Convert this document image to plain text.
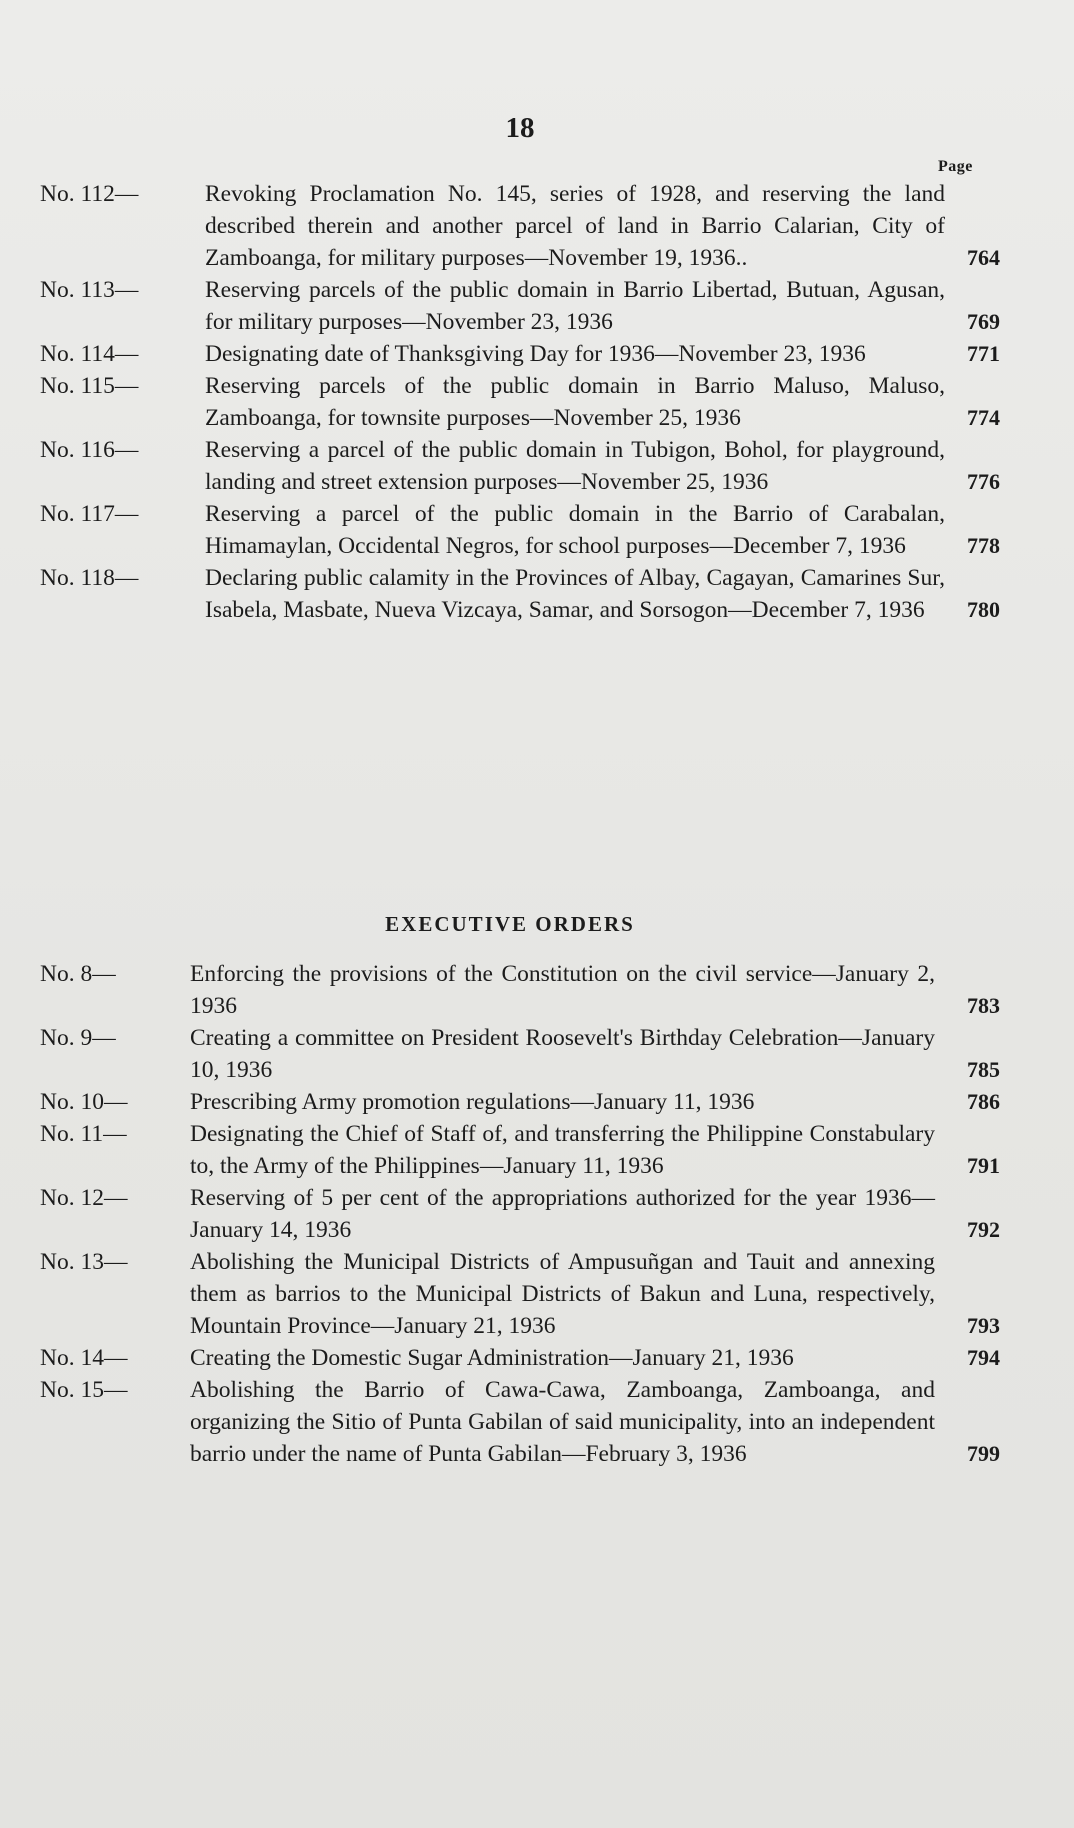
18
Page
No. 112—	Revoking Proclamation No. 145, series of 1928, and reserving the land described therein and another parcel of land in Barrio Calarian, City of Zamboanga, for military purposes—November 19, 1936..	764
No. 113—	Reserving parcels of the public domain in Barrio Libertad, Butuan, Agusan, for military purposes—November 23, 1936	769
No. 114—	Designating date of Thanksgiving Day for 1936—November 23, 1936	771
No. 115—	Reserving parcels of the public domain in Barrio Maluso, Maluso, Zamboanga, for townsite purposes—November 25, 1936	774
No. 116—	Reserving a parcel of the public domain in Tubigon, Bohol, for playground, landing and street extension purposes—November 25, 1936	776
No. 117—	Reserving a parcel of the public domain in the Barrio of Carabalan, Himamaylan, Occidental Negros, for school purposes—December 7, 1936	778
No. 118—	Declaring public calamity in the Provinces of Albay, Cagayan, Camarines Sur, Isabela, Masbate, Nueva Vizcaya, Samar, and Sorsogon—December 7, 1936	780
EXECUTIVE ORDERS
No. 8—	Enforcing the provisions of the Constitution on the civil service—January 2, 1936	783
No. 9—	Creating a committee on President Roosevelt's Birthday Celebration—January 10, 1936	785
No. 10—	Prescribing Army promotion regulations—January 11, 1936	786
No. 11—	Designating the Chief of Staff of, and transferring the Philippine Constabulary to, the Army of the Philippines—January 11, 1936	791
No. 12—	Reserving of 5 per cent of the appropriations authorized for the year 1936—January 14, 1936	792
No. 13—	Abolishing the Municipal Districts of Ampusuñgan and Tauit and annexing them as barrios to the Municipal Districts of Bakun and Luna, respectively, Mountain Province—January 21, 1936	793
No. 14—	Creating the Domestic Sugar Administration—January 21, 1936	794
No. 15—	Abolishing the Barrio of Cawa-Cawa, Zamboanga, Zamboanga, and organizing the Sitio of Punta Gabilan of said municipality, into an independent barrio under the name of Punta Gabilan—February 3, 1936	799
